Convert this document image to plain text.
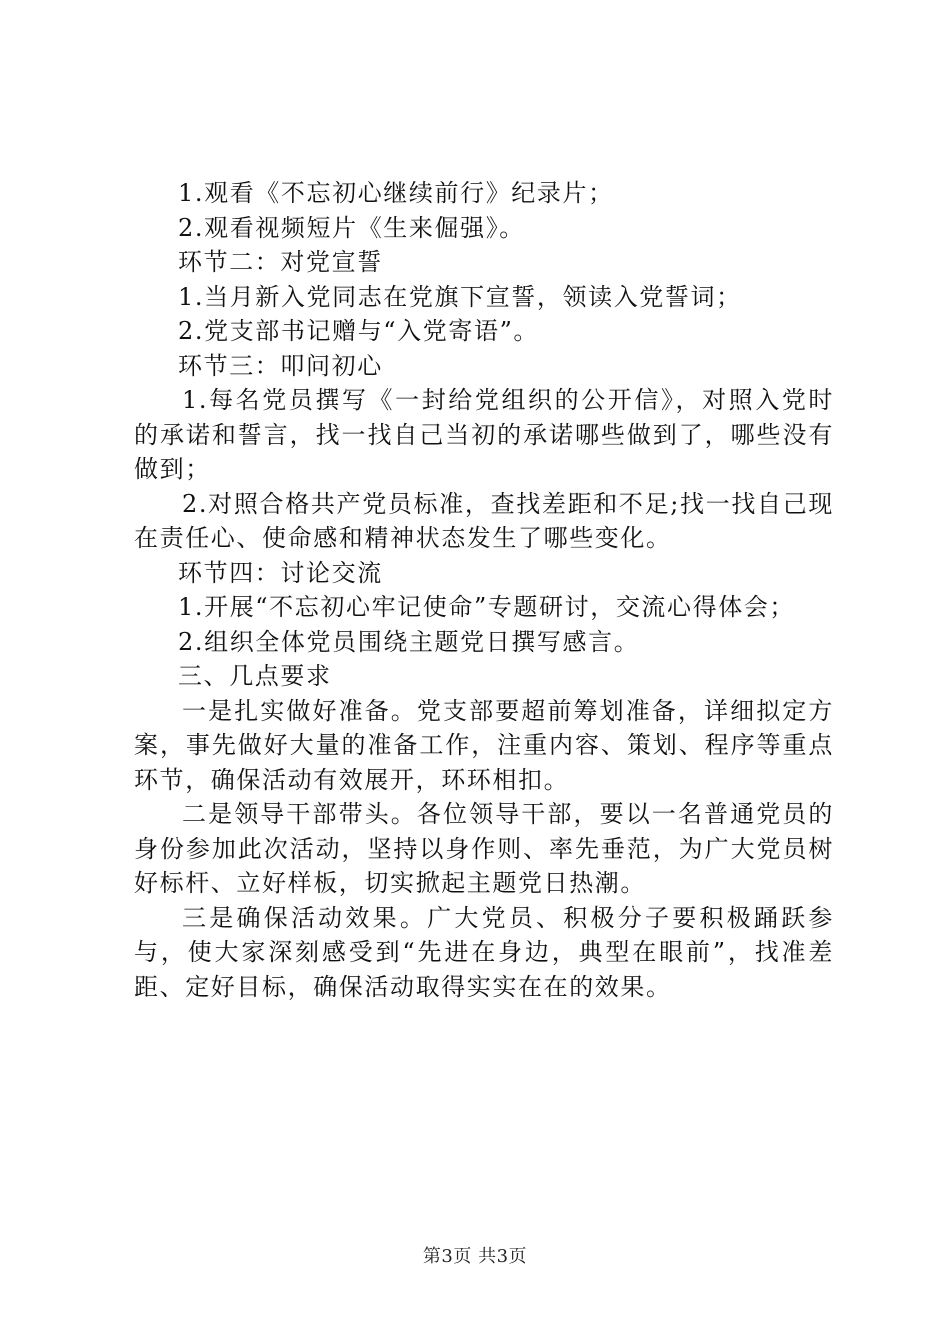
1.观看《不忘初心继续前行》纪录片；

2.观看视频短片《生来倔强》。

环节二：对党宣誓

1.当月新入党同志在党旗下宣誓，领读入党誓词；

2.党支部书记赠与“入党寄语”。

环节三：叩问初心

1.每名党员撰写《一封给党组织的公开信》，对照入党时的承诺和誓言，找一找自己当初的承诺哪些做到了，哪些没有做到；

2.对照合格共产党员标准，查找差距和不足;找一找自己现在责任心、使命感和精神状态发生了哪些变化。

环节四：讨论交流

1.开展“不忘初心牢记使命”专题研讨，交流心得体会；

2.组织全体党员围绕主题党日撰写感言。

三、几点要求

一是扎实做好准备。党支部要超前筹划准备，详细拟定方案，事先做好大量的准备工作，注重内容、策划、程序等重点环节，确保活动有效展开，环环相扣。

二是领导干部带头。各位领导干部，要以一名普通党员的身份参加此次活动，坚持以身作则、率先垂范，为广大党员树好标杆、立好样板，切实掀起主题党日热潮。

三是确保活动效果。广大党员、积极分子要积极踊跃参与，使大家深刻感受到“先进在身边，典型在眼前”，找准差距、定好目标，确保活动取得实实在在的效果。

第3页 共3页
